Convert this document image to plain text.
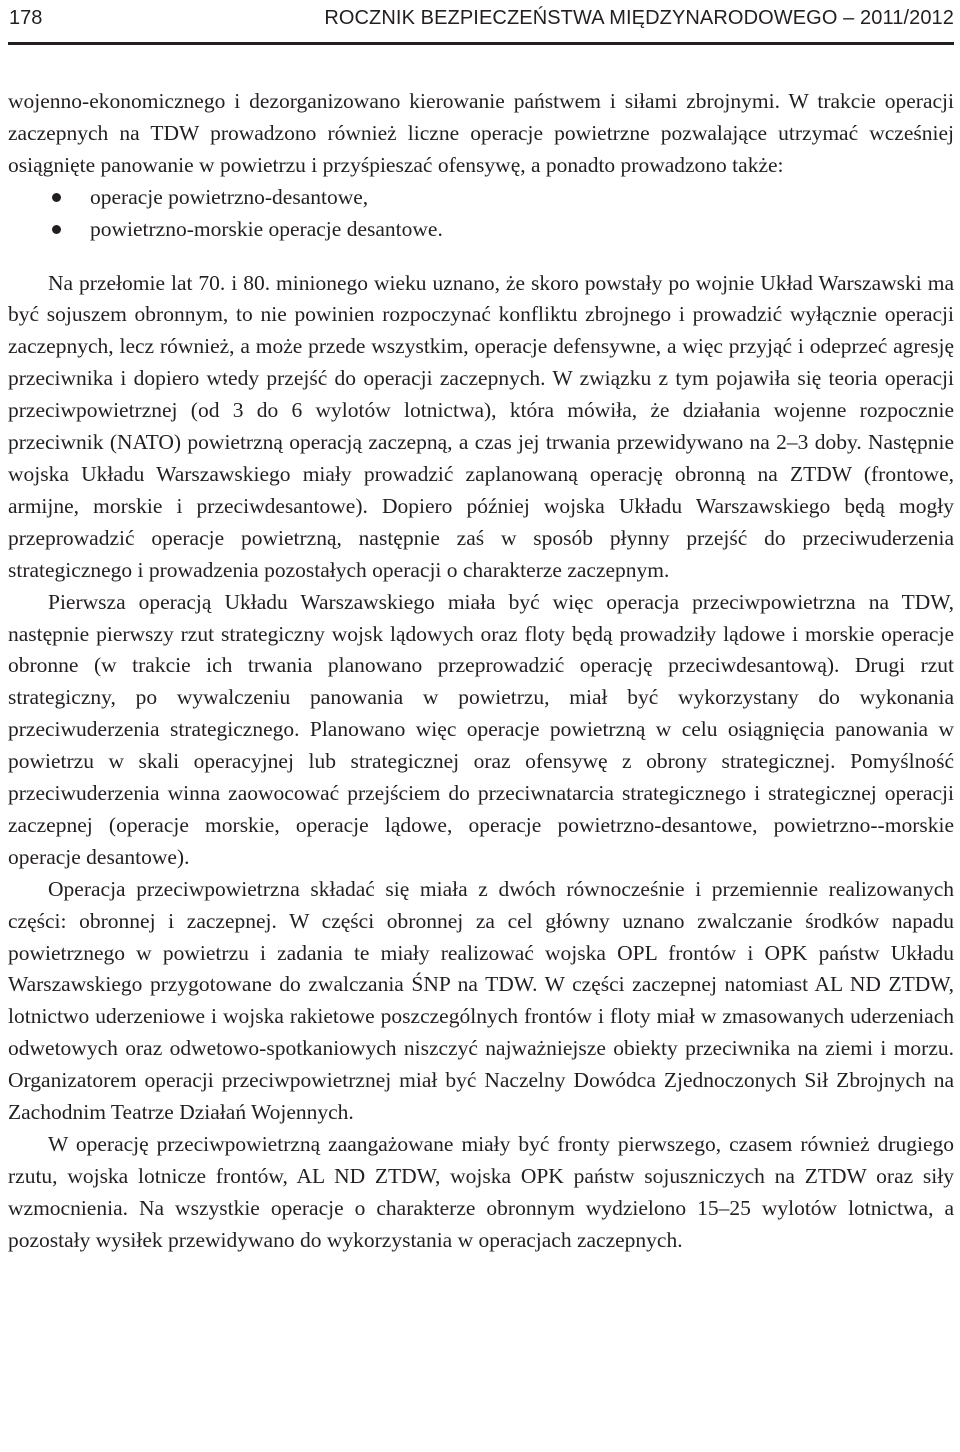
178	ROCZNIK BEZPIECZEŃSTWA MIĘDZYNARODOWEGO – 2011/2012

wojenno-ekonomicznego i dezorganizowano kierowanie państwem i siłami zbrojnymi. W trakcie operacji zaczepnych na TDW prowadzono również liczne operacje powietrzne pozwalające utrzymać wcześniej osiągnięte panowanie w powietrzu i przyśpieszać ofensywę, a ponadto prowadzono także:

operacje powietrzno-desantowe,
powietrzno-morskie operacje desantowe.

Na przełomie lat 70. i 80. minionego wieku uznano, że skoro powstały po wojnie Układ Warszawski ma być sojuszem obronnym, to nie powinien rozpoczynać konfliktu zbrojnego i prowadzić wyłącznie operacji zaczepnych, lecz również, a może przede wszystkim, operacje defensywne, a więc przyjąć i odeprzeć agresję przeciwnika i dopiero wtedy przejść do operacji zaczepnych. W związku z tym pojawiła się teoria operacji przeciwpowietrznej (od 3 do 6 wylotów lotnictwa), która mówiła, że działania wojenne rozpocznie przeciwnik (NATO) powietrzną operacją zaczepną, a czas jej trwania przewidywano na 2–3 doby. Następnie wojska Układu Warszawskiego miały prowadzić zaplanowaną operację obronną na ZTDW (frontowe, armijne, morskie i przeciwdesantowe). Dopiero później wojska Układu Warszawskiego będą mogły przeprowadzić operacje powietrzną, następnie zaś w sposób płynny przejść do przeciwuderzenia strategicznego i prowadzenia pozostałych operacji o charakterze zaczepnym.

Pierwsza operacją Układu Warszawskiego miała być więc operacja przeciwpowietrzna na TDW, następnie pierwszy rzut strategiczny wojsk lądowych oraz floty będą prowadziły lądowe i morskie operacje obronne (w trakcie ich trwania planowano przeprowadzić operację przeciwdesantową). Drugi rzut strategiczny, po wywalczeniu panowania w powietrzu, miał być wykorzystany do wykonania przeciwuderzenia strategicznego. Planowano więc operacje powietrzną w celu osiągnięcia panowania w powietrzu w skali operacyjnej lub strategicznej oraz ofensywę z obrony strategicznej. Pomyślność przeciwuderzenia winna zaowocować przejściem do przeciwnatarcia strategicznego i strategicznej operacji zaczepnej (operacje morskie, operacje lądowe, operacje powietrzno-desantowe, powietrzno--morskie operacje desantowe).

Operacja przeciwpowietrzna składać się miała z dwóch równocześnie i przemiennie realizowanych części: obronnej i zaczepnej. W części obronnej za cel główny uznano zwalczanie środków napadu powietrznego w powietrzu i zadania te miały realizować wojska OPL frontów i OPK państw Układu Warszawskiego przygotowane do zwalczania ŚNP na TDW. W części zaczepnej natomiast AL ND ZTDW, lotnictwo uderzeniowe i wojska rakietowe poszczególnych frontów i floty miał w zmasowanych uderzeniach odwetowych oraz odwetowo-spotkaniowych niszczyć najważniejsze obiekty przeciwnika na ziemi i morzu. Organizatorem operacji przeciwpowietrznej miał być Naczelny Dowódca Zjednoczonych Sił Zbrojnych na Zachodnim Teatrze Działań Wojennych.

W operację przeciwpowietrzną zaangażowane miały być fronty pierwszego, czasem również drugiego rzutu, wojska lotnicze frontów, AL ND ZTDW, wojska OPK państw sojuszniczych na ZTDW oraz siły wzmocnienia. Na wszystkie operacje o charakterze obronnym wydzielono 15–25 wylotów lotnictwa, a pozostały wysiłek przewidywano do wykorzystania w operacjach zaczepnych.
